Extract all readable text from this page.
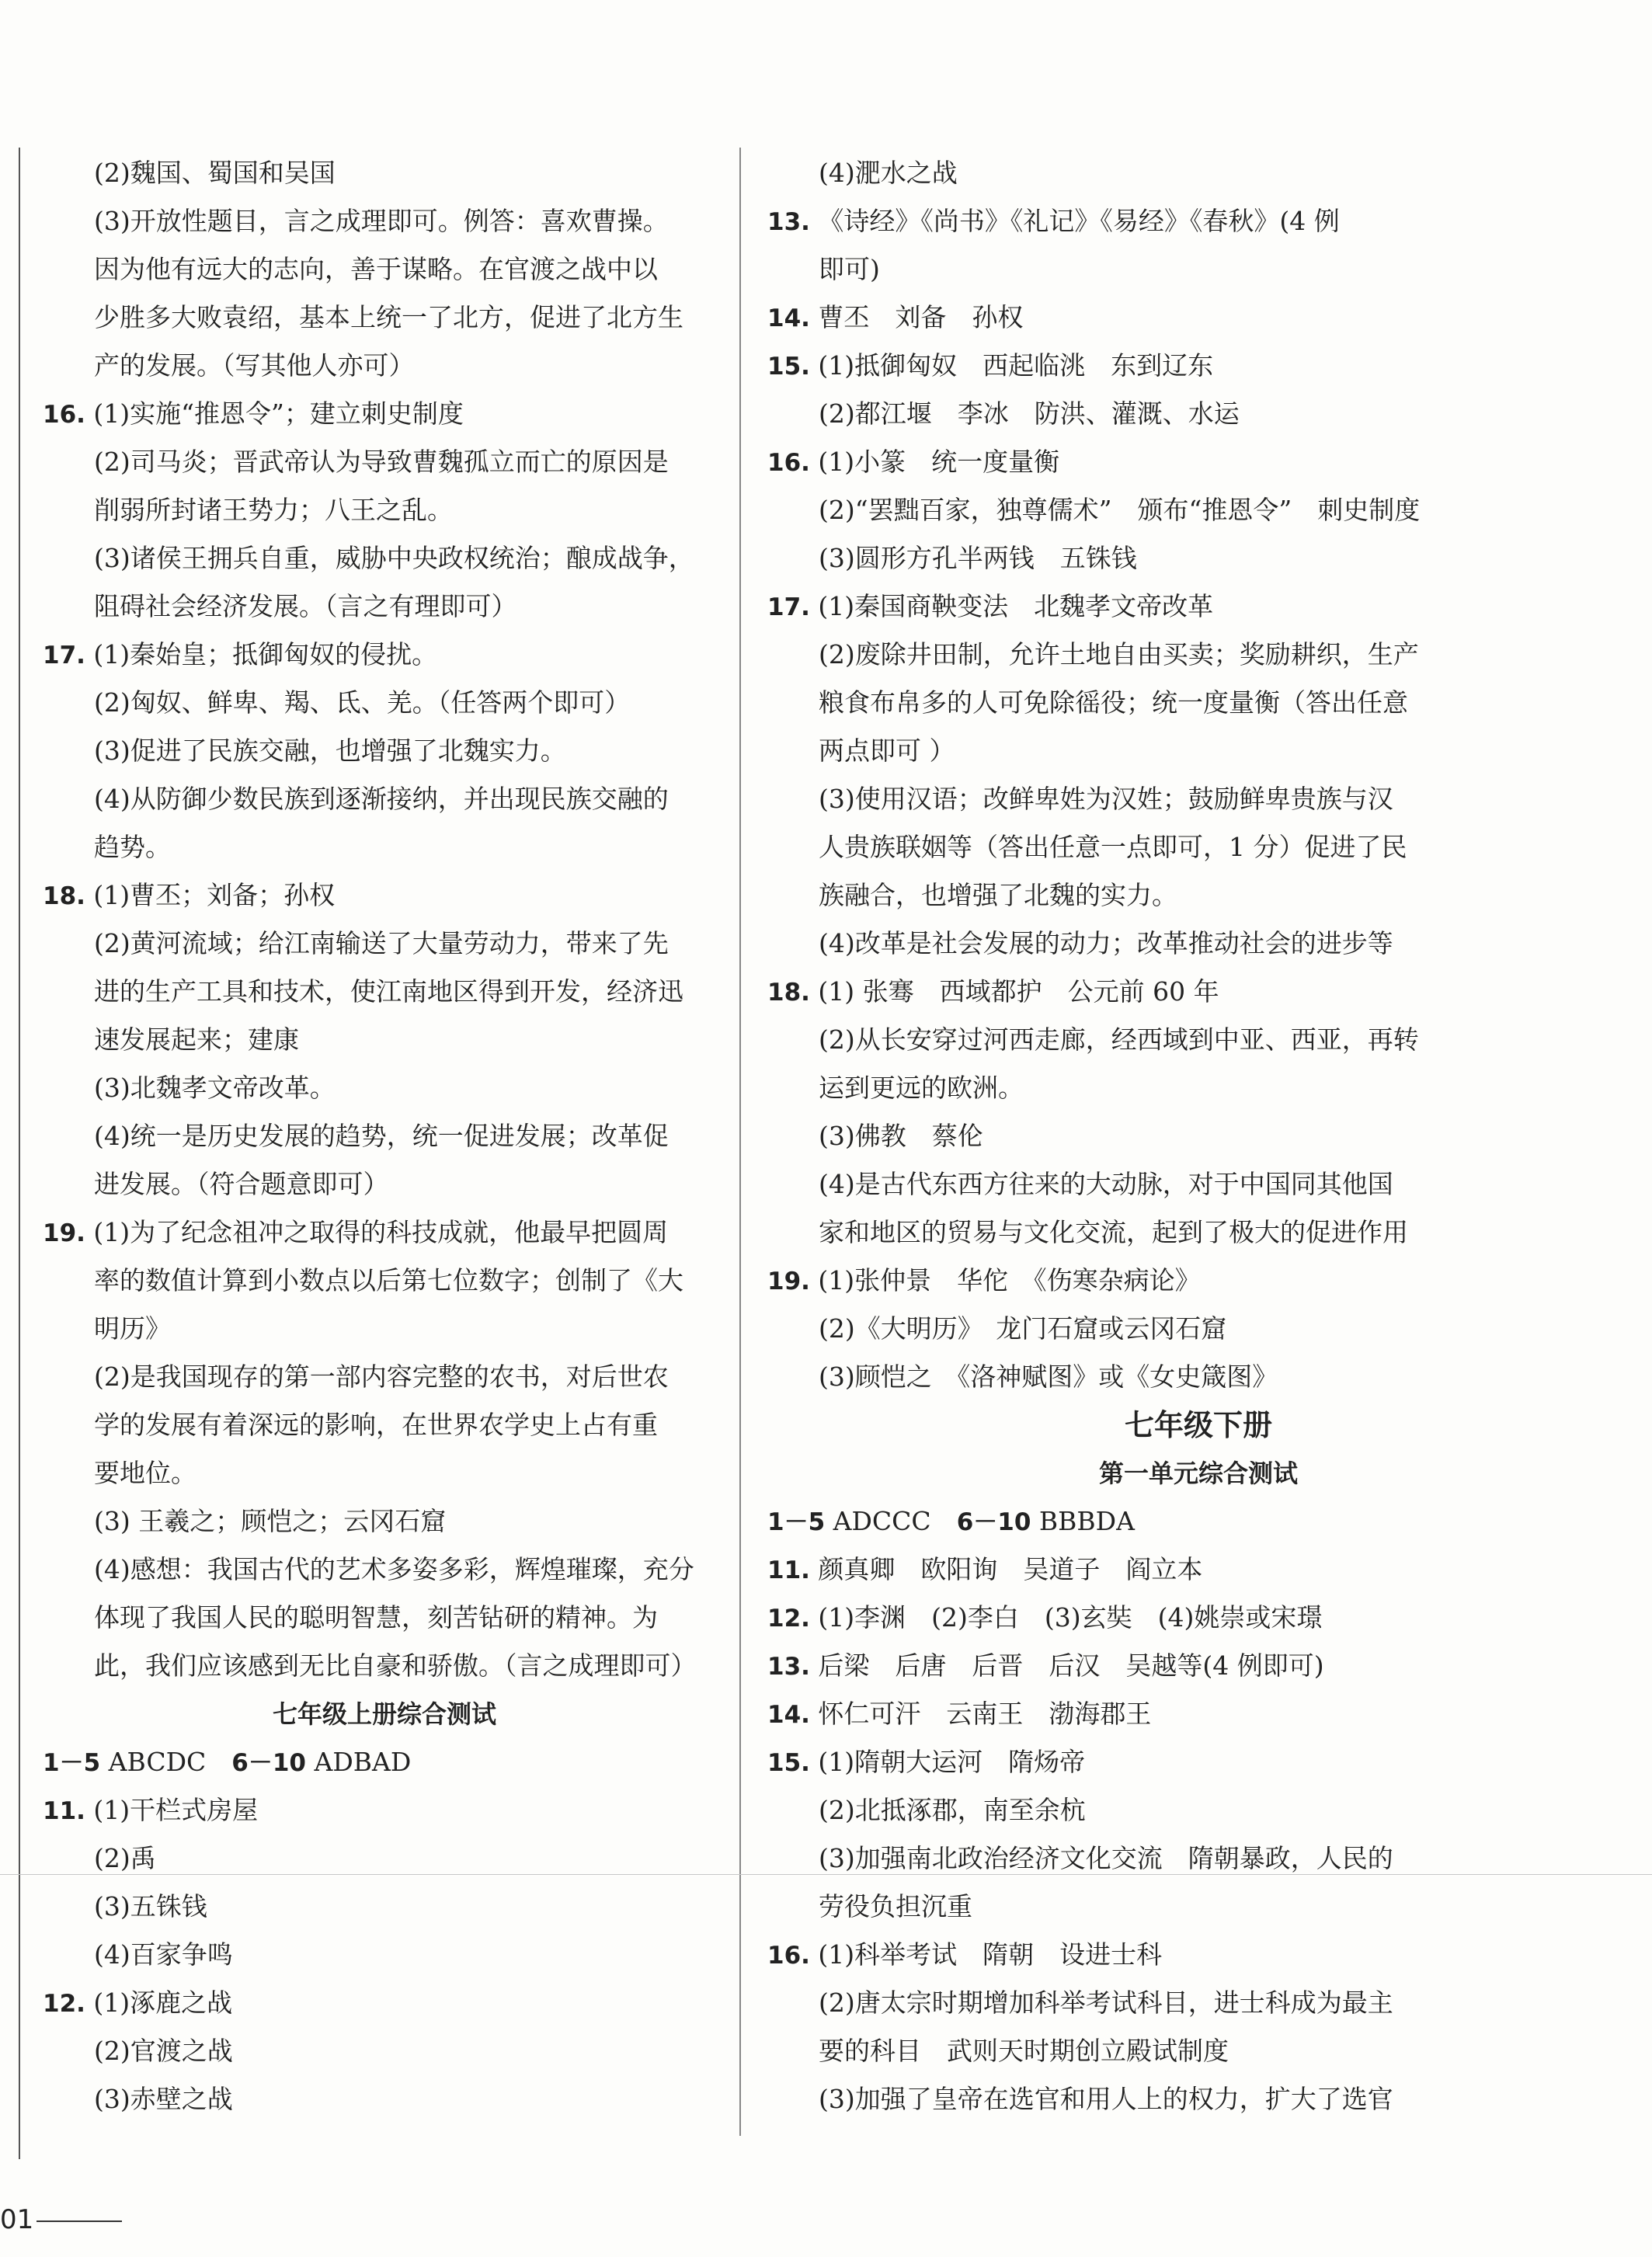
(2)魏国、蜀国和吴国
(3)开放性题目，言之成理即可。例答：喜欢曹操。
因为他有远大的志向，善于谋略。在官渡之战中以
少胜多大败袁绍，基本上统一了北方，促进了北方生
产的发展。（写其他人亦可）
16. (1)实施“推恩令”；建立刺史制度
(2)司马炎；晋武帝认为导致曹魏孤立而亡的原因是
削弱所封诸王势力；八王之乱。
(3)诸侯王拥兵自重，威胁中央政权统治；酿成战争，
阻碍社会经济发展。（言之有理即可）
17. (1)秦始皇；抵御匈奴的侵扰。
(2)匈奴、鲜卑、羯、氐、羌。（任答两个即可）
(3)促进了民族交融，也增强了北魏实力。
(4)从防御少数民族到逐渐接纳，并出现民族交融的
趋势。
18. (1)曹丕；刘备；孙权
(2)黄河流域；给江南输送了大量劳动力，带来了先
进的生产工具和技术，使江南地区得到开发，经济迅
速发展起来；建康
(3)北魏孝文帝改革。
(4)统一是历史发展的趋势，统一促进发展；改革促
进发展。（符合题意即可）
19. (1)为了纪念祖冲之取得的科技成就，他最早把圆周
率的数值计算到小数点以后第七位数字；创制了《大
明历》
(2)是我国现存的第一部内容完整的农书，对后世农
学的发展有着深远的影响，在世界农学史上占有重
要地位。
(3) 王羲之；顾恺之；云冈石窟
(4)感想：我国古代的艺术多姿多彩，辉煌璀璨，充分
体现了我国人民的聪明智慧，刻苦钻研的精神。为
此，我们应该感到无比自豪和骄傲。（言之成理即可）
七年级上册综合测试
1－5 ABCDC　 6－10 ADBAD
11. (1)干栏式房屋
(2)禹
(3)五铢钱
(4)百家争鸣
12. (1)涿鹿之战
(2)官渡之战
(3)赤壁之战
(4)淝水之战
13. 《诗经》《尚书》《礼记》《易经》《春秋》(4 例
即可)
14. 曹丕　刘备　孙权
15. (1)抵御匈奴　西起临洮　东到辽东
(2)都江堰　李冰　防洪、灌溉、水运
16. (1)小篆　统一度量衡
(2)“罢黜百家，独尊儒术”　颁布“推恩令”　刺史制度
(3)圆形方孔半两钱　五铢钱
17. (1)秦国商鞅变法　北魏孝文帝改革
(2)废除井田制，允许土地自由买卖；奖励耕织，生产
粮食布帛多的人可免除徭役；统一度量衡（答出任意
两点即可 ）
(3)使用汉语；改鲜卑姓为汉姓；鼓励鲜卑贵族与汉
人贵族联姻等（答出任意一点即可，1 分）促进了民
族融合，也增强了北魏的实力。
(4)改革是社会发展的动力；改革推动社会的进步等
18. (1) 张骞　西域都护　公元前 60 年
(2)从长安穿过河西走廊，经西域到中亚、西亚，再转
运到更远的欧洲。
(3)佛教　蔡伦
(4)是古代东西方往来的大动脉，对于中国同其他国
家和地区的贸易与文化交流，起到了极大的促进作用
19. (1)张仲景　华佗　《伤寒杂病论》
(2)《大明历》　龙门石窟或云冈石窟
(3)顾恺之　《洛神赋图》或《女史箴图》
七年级下册
第一单元综合测试
1－5 ADCCC　 6－10 BBBDA
11. 颜真卿　欧阳询　吴道子　阎立本
12. (1)李渊　(2)李白　(3)玄奘　(4)姚崇或宋璟
13. 后梁　后唐　后晋　后汉　吴越等(4 例即可)
14. 怀仁可汗　云南王　渤海郡王
15. (1)隋朝大运河　隋炀帝
(2)北抵涿郡，南至余杭
(3)加强南北政治经济文化交流　隋朝暴政，人民的
劳役负担沉重
16. (1)科举考试　隋朝　设进士科
(2)唐太宗时期增加科举考试科目，进士科成为最主
要的科目　武则天时期创立殿试制度
(3)加强了皇帝在选官和用人上的权力，扩大了选官
01
